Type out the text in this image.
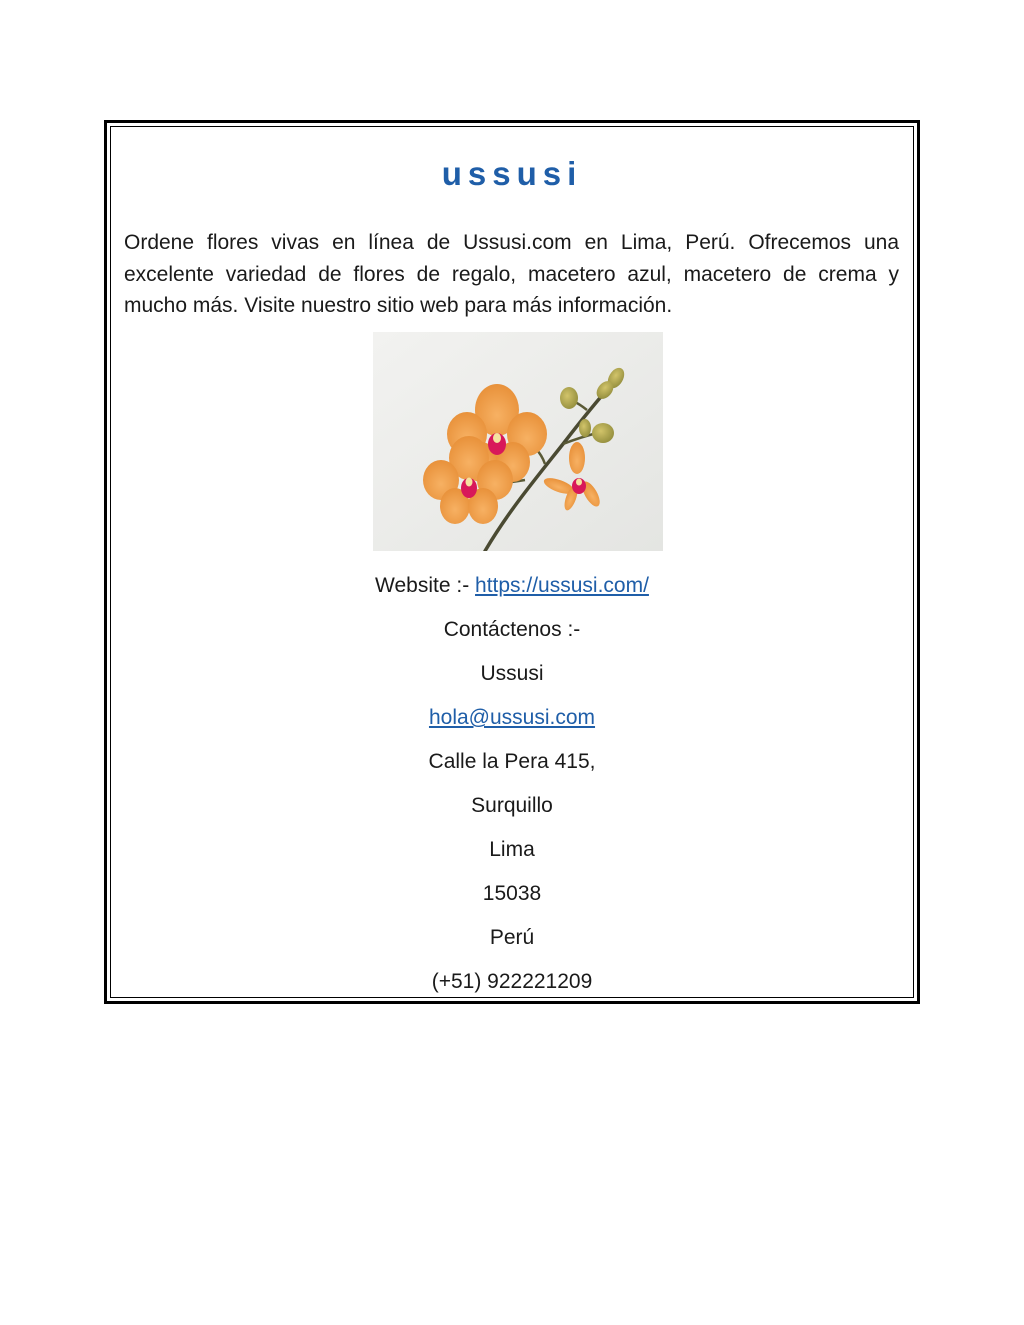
ussusi

Ordene flores vivas en línea de Ussusi.com en Lima, Perú. Ofrecemos una excelente variedad de flores de regalo, macetero azul, macetero de crema y mucho más. Visite nuestro sitio web para más información.

Website :- https://ussusi.com/
Contáctenos :-
Ussusi
hola@ussusi.com
Calle la Pera 415,
Surquillo
Lima
15038
Perú
(+51) 922221209
